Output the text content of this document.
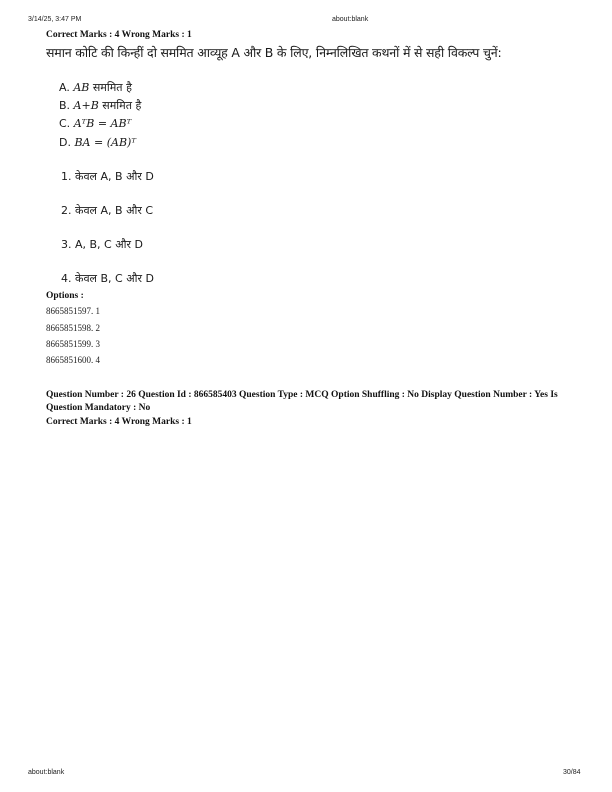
3/14/25, 3:47 PM	about:blank
Correct Marks : 4 Wrong Marks : 1
समान कोटि की किन्हीं दो सममित आव्यूह A और B के लिए, निम्नलिखित कथनों में से सही विकल्प चुनें:
A. AB सममित है
B. A+B सममित है
C. AᵀB = ABᵀ
D. BA = (AB)ᵀ
1. केवल A, B और D
2. केवल A, B और C
3. A, B, C और D
4. केवल B, C और D
Options :
8665851597. 1
8665851598. 2
8665851599. 3
8665851600. 4
Question Number : 26 Question Id : 866585403 Question Type : MCQ Option Shuffling : No Display Question Number : Yes Is Question Mandatory : No
Correct Marks : 4 Wrong Marks : 1
about:blank	30/84
